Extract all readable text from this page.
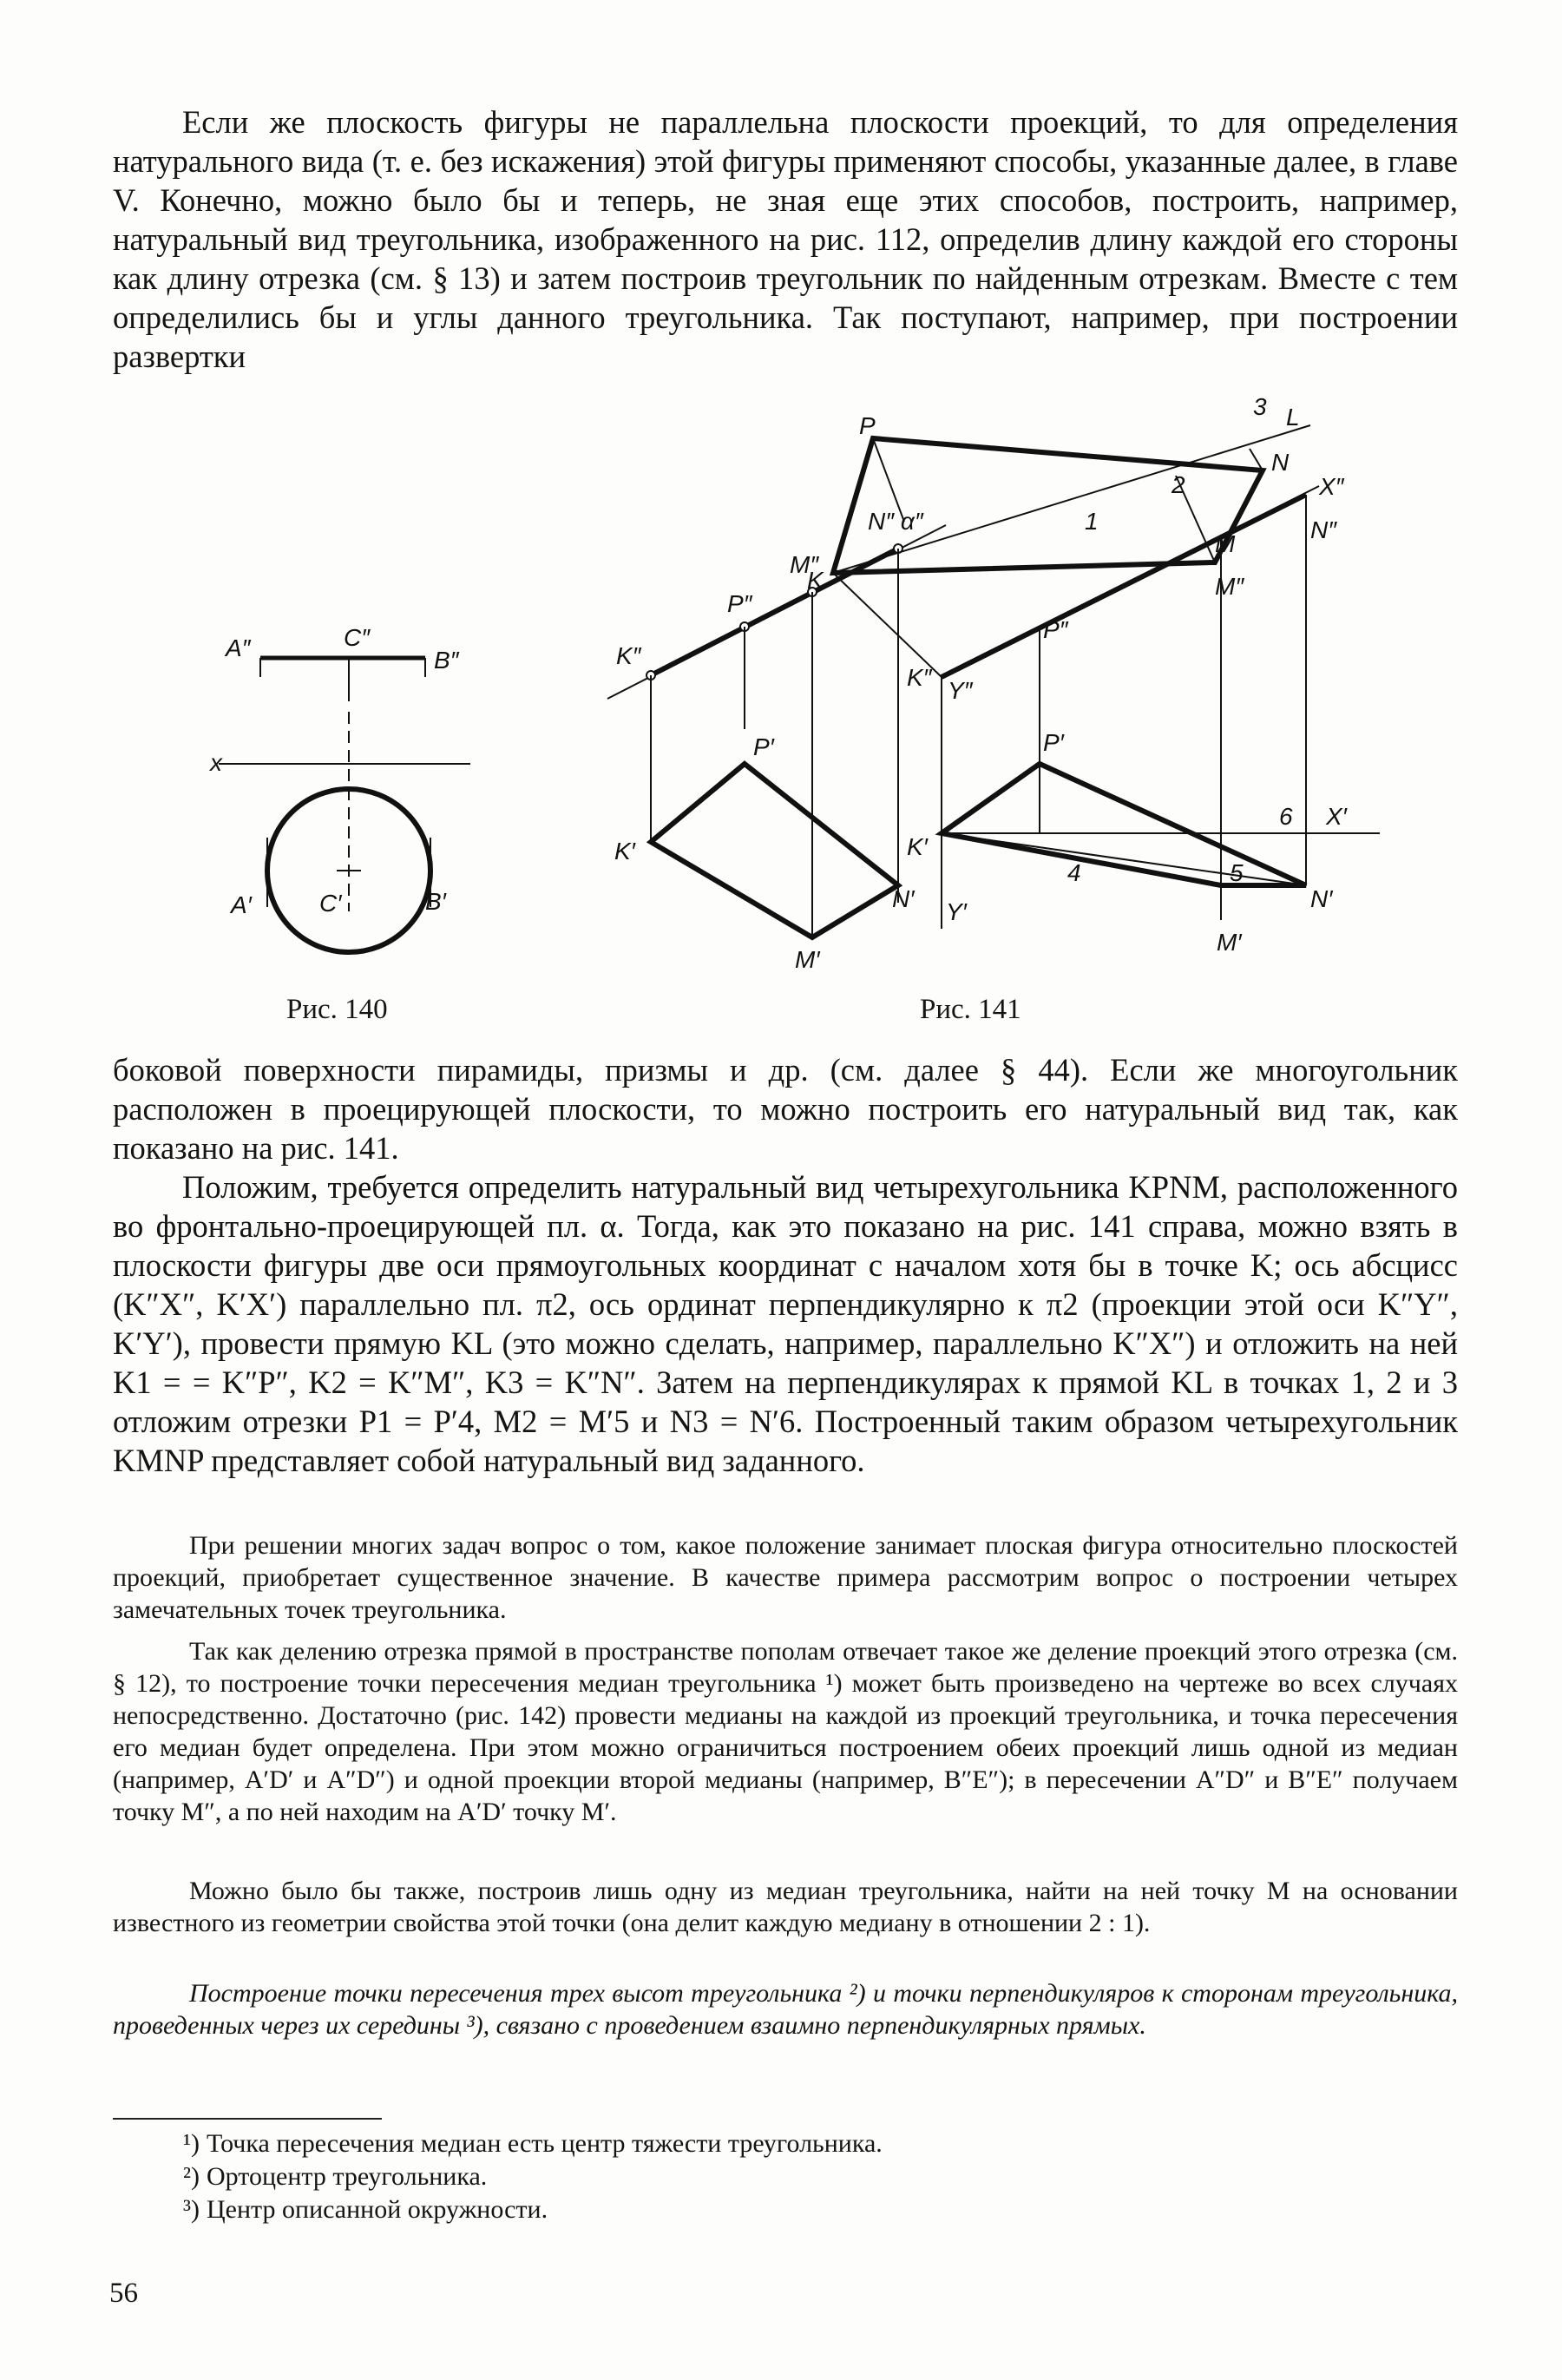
Если же плоскость фигуры не параллельна плоскости проекций, то для определения натурального вида (т. е. без искажения) этой фигуры применяют способы, указанные далее, в главе V. Конечно, можно было бы и теперь, не зная еще этих способов, построить, например, натуральный вид треугольника, изображенного на рис. 112, определив длину каждой его стороны как длину отрезка (см. § 13) и затем построив треугольник по найденным отрезкам. Вместе с тем определились бы и углы данного треугольника. Так поступают, например, при построении развертки

A″	C″
B″
x
A′	C′	B′
Рис. 140
K″
P″
M″
N″ α″
P′
K′
N′
M′
P
K
M
N
L
3
2
1
X″
N″
M″
P″
K″ Y″
P′
K′
4	5
6 X′
N′
Y′
M′
Рис. 141

боковой поверхности пирамиды, призмы и др. (см. далее § 44). Если же многоугольник расположен в проецирующей плоскости, то можно построить его натуральный вид так, как показано на рис. 141.

Положим, требуется определить натуральный вид четырехугольника KPNM, расположенного во фронтально-проецирующей пл. α. Тогда, как это показано на рис. 141 справа, можно взять в плоскости фигуры две оси прямоугольных координат с началом хотя бы в точке K; ось абсцисс (K″X″, K′X′) параллельно пл. π2, ось ординат перпендикулярно к π2 (проекции этой оси K″Y″, K′Y′), провести прямую KL (это можно сделать, например, параллельно K″X″) и отложить на ней K1 = = K″P″, K2 = K″M″, K3 = K″N″. Затем на перпендикулярах к прямой KL в точках 1, 2 и 3 отложим отрезки P1 = P′4, M2 = M′5 и N3 = N′6. Построенный таким образом четырехугольник KMNP представляет собой натуральный вид заданного.

При решении многих задач вопрос о том, какое положение занимает плоская фигура относительно плоскостей проекций, приобретает существенное значение. В качестве примера рассмотрим вопрос о построении четырех замечательных точек треугольника.

Так как делению отрезка прямой в пространстве пополам отвечает такое же деление проекций этого отрезка (см. § 12), то построение точки пересечения медиан треугольника ¹) может быть произведено на чертеже во всех случаях непосредственно. Достаточно (рис. 142) провести медианы на каждой из проекций треугольника, и точка пересечения его медиан будет определена. При этом можно ограничиться построением обеих проекций лишь одной из медиан (например, A′D′ и A″D″) и одной проекции второй медианы (например, B″E″); в пересечении A″D″ и B″E″ получаем точку M″, а по ней находим на A′D′ точку M′.

Можно было бы также, построив лишь одну из медиан треугольника, найти на ней точку M на основании известного из геометрии свойства этой точки (она делит каждую медиану в отношении 2 : 1).

Построение точки пересечения трех высот треугольника ²) и точки перпендикуляров к сторонам треугольника, проведенных через их середины ³), связано с проведением взаимно перпендикулярных прямых.

¹) Точка пересечения медиан есть центр тяжести треугольника.
²) Ортоцентр треугольника.
³) Центр описанной окружности.
56
